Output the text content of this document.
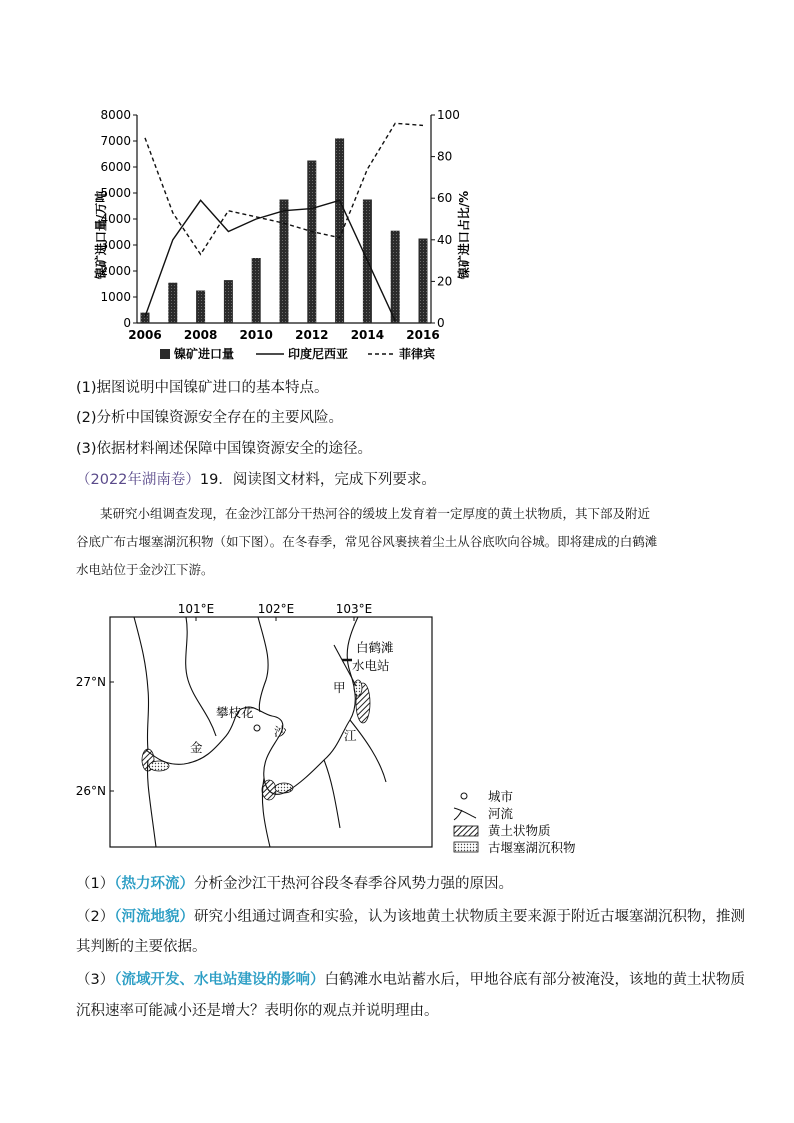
0
1000
2000
3000
4000
5000
6000
7000
8000
0
20
40
60
80
100
2006 2008 2010 2012 2014 2016
镍矿进口量/万吨	镍矿进口占比/%
镍矿进口量	印度尼西亚	菲律宾
(1)据图说明中国镍矿进口的基本特点。
(2)分析中国镍资源安全存在的主要风险。
(3)依据材料阐述保障中国镍资源安全的途径。
（2022年湖南卷）19．阅读图文材料，完成下列要求。
某研究小组调查发现，在金沙江部分干热河谷的缓坡上发育着一定厚度的黄土状物质，其下部及附近
谷底广布古堰塞湖沉积物（如下图）。在冬春季，常见谷风裹挟着尘土从谷底吹向谷城。即将建成的白鹤滩
水电站位于金沙江下游。
101°E	102°E	103°E
27°N
26°N
白鹤滩
水电站
攀枝花
甲
金
沙	江
城市
河流
黄土状物质
古堰塞湖沉积物
（1）（热力环流）分析金沙江干热河谷段冬春季谷风势力强的原因。
（2）（河流地貌）研究小组通过调查和实验，认为该地黄土状物质主要来源于附近古堰塞湖沉积物，推测
其判断的主要依据。
（3）（流域开发、水电站建设的影响）白鹤滩水电站蓄水后，甲地谷底有部分被淹没，该地的黄土状物质
沉积速率可能减小还是增大？表明你的观点并说明理由。
